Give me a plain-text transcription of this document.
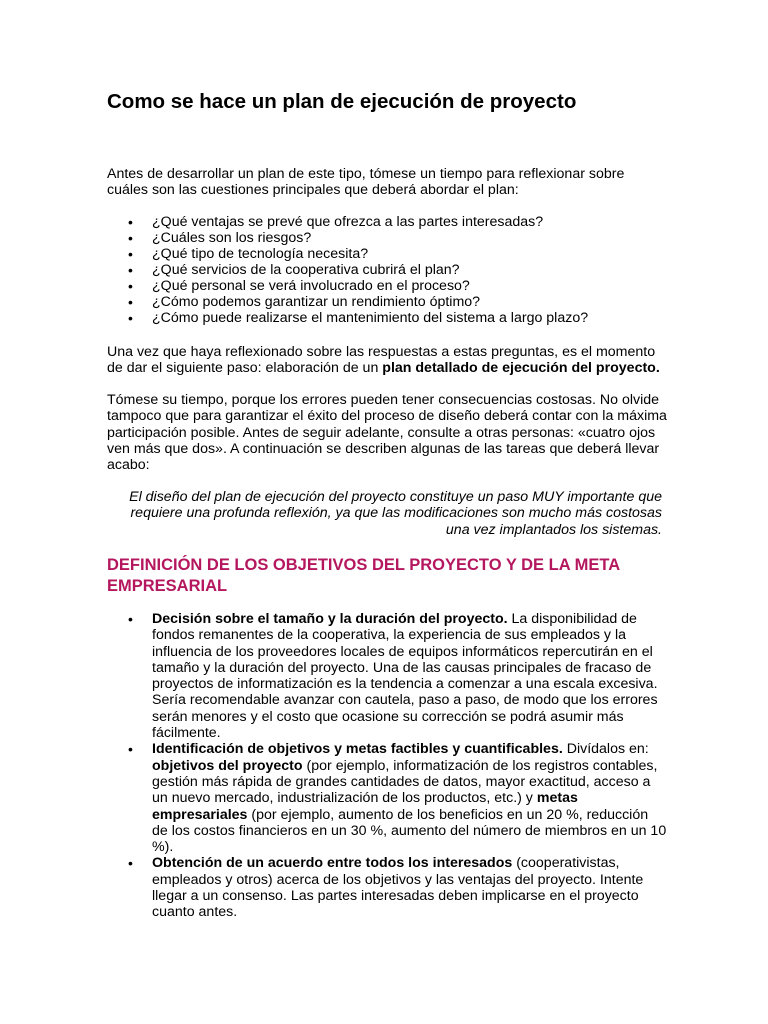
Como se hace un plan de ejecución de proyecto

Antes de desarrollar un plan de este tipo, tómese un tiempo para reflexionar sobre cuáles son las cuestiones principales que deberá abordar el plan:

• ¿Qué ventajas se prevé que ofrezca a las partes interesadas?
• ¿Cuáles son los riesgos?
• ¿Qué tipo de tecnología necesita?
• ¿Qué servicios de la cooperativa cubrirá el plan?
• ¿Qué personal se verá involucrado en el proceso?
• ¿Cómo podemos garantizar un rendimiento óptimo?
• ¿Cómo puede realizarse el mantenimiento del sistema a largo plazo?

Una vez que haya reflexionado sobre las respuestas a estas preguntas, es el momento de dar el siguiente paso: elaboración de un plan detallado de ejecución del proyecto.

Tómese su tiempo, porque los errores pueden tener consecuencias costosas. No olvide tampoco que para garantizar el éxito del proceso de diseño deberá contar con la máxima participación posible. Antes de seguir adelante, consulte a otras personas: «cuatro ojos ven más que dos». A continuación se describen algunas de las tareas que deberá llevar acabo:

El diseño del plan de ejecución del proyecto constituye un paso MUY importante que requiere una profunda reflexión, ya que las modificaciones son mucho más costosas una vez implantados los sistemas.

DEFINICIÓN DE LOS OBJETIVOS DEL PROYECTO Y DE LA META EMPRESARIAL
• Decisión sobre el tamaño y la duración del proyecto. La disponibilidad de fondos remanentes de la cooperativa, la experiencia de sus empleados y la influencia de los proveedores locales de equipos informáticos repercutirán en el tamaño y la duración del proyecto. Una de las causas principales de fracaso de proyectos de informatización es la tendencia a comenzar a una escala excesiva. Sería recomendable avanzar con cautela, paso a paso, de modo que los errores serán menores y el costo que ocasione su corrección se podrá asumir más fácilmente.
• Identificación de objetivos y metas factibles y cuantificables. Divídalos en: objetivos del proyecto (por ejemplo, informatización de los registros contables, gestión más rápida de grandes cantidades de datos, mayor exactitud, acceso a un nuevo mercado, industrialización de los productos, etc.) y metas empresariales (por ejemplo, aumento de los beneficios en un 20 %, reducción de los costos financieros en un 30 %, aumento del número de miembros en un 10 %).
• Obtención de un acuerdo entre todos los interesados (cooperativistas, empleados y otros) acerca de los objetivos y las ventajas del proyecto. Intente llegar a un consenso. Las partes interesadas deben implicarse en el proyecto cuanto antes.
